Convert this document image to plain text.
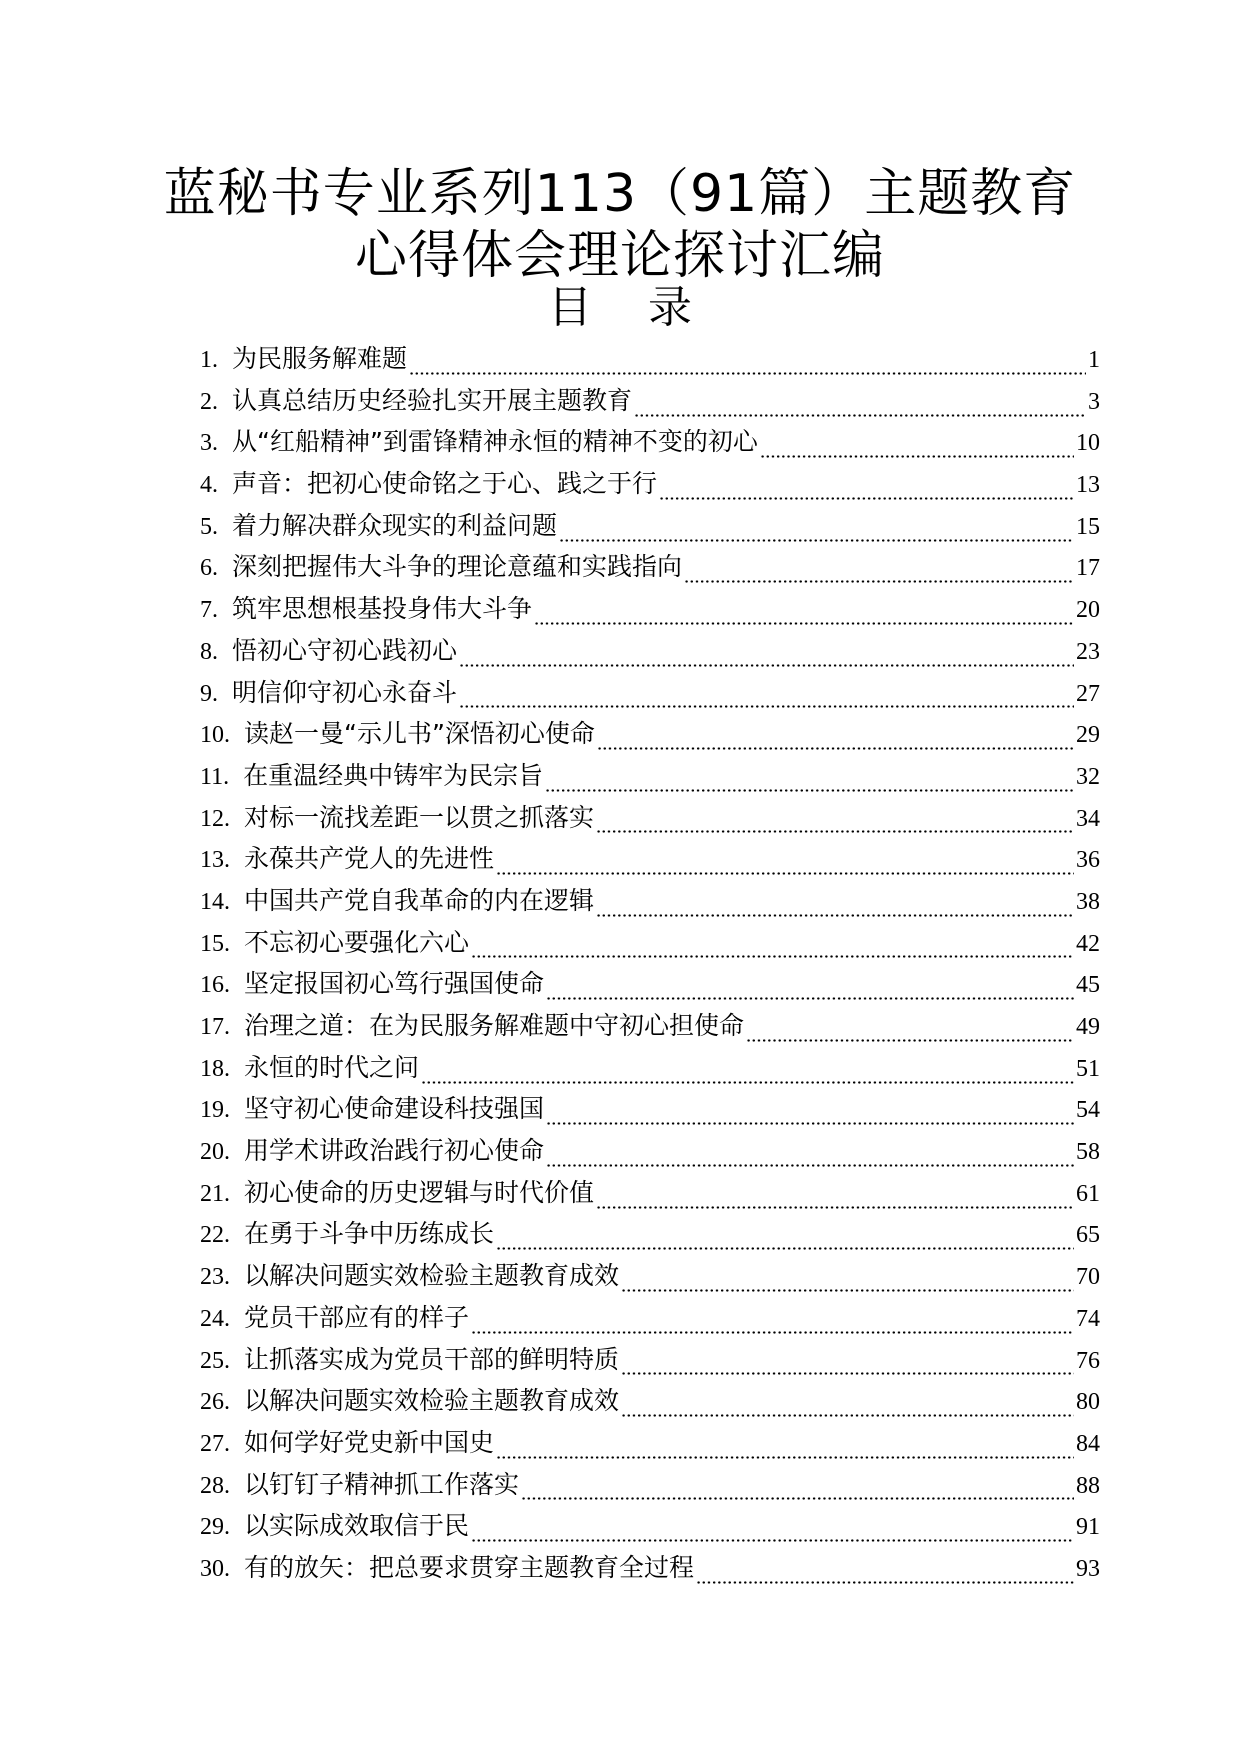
蓝秘书专业系列113（91篇）主题教育
心得体会理论探讨汇编
目 录
1 . 为民服务解难题	1
2 . 认真总结历史经验扎实开展主题教育	3
3 . 从“红船精神”到雷锋精神永恒的精神不变的初心	10
4 . 声音：把初心使命铭之于心、践之于行	13
5 . 着力解决群众现实的利益问题	15
6 . 深刻把握伟大斗争的理论意蕴和实践指向	17
7 . 筑牢思想根基投身伟大斗争	20
8 . 悟初心守初心践初心	23
9 . 明信仰守初心永奋斗	27
10 . 读赵一曼“示儿书”深悟初心使命	29
11 . 在重温经典中铸牢为民宗旨	32
12 . 对标一流找差距一以贯之抓落实	34
13 . 永葆共产党人的先进性	36
14 . 中国共产党自我革命的内在逻辑	38
15 . 不忘初心要强化六心	42
16 . 坚定报国初心笃行强国使命	45
17 . 治理之道：在为民服务解难题中守初心担使命	49
18 . 永恒的时代之问	51
19 . 坚守初心使命建设科技强国	54
20 . 用学术讲政治践行初心使命	58
21 . 初心使命的历史逻辑与时代价值	61
22 . 在勇于斗争中历练成长	65
23 . 以解决问题实效检验主题教育成效	70
24 . 党员干部应有的样子	74
25 . 让抓落实成为党员干部的鲜明特质	76
26 . 以解决问题实效检验主题教育成效	80
27 . 如何学好党史新中国史	84
28 . 以钉钉子精神抓工作落实	88
29 . 以实际成效取信于民	91
30 . 有的放矢：把总要求贯穿主题教育全过程	93
